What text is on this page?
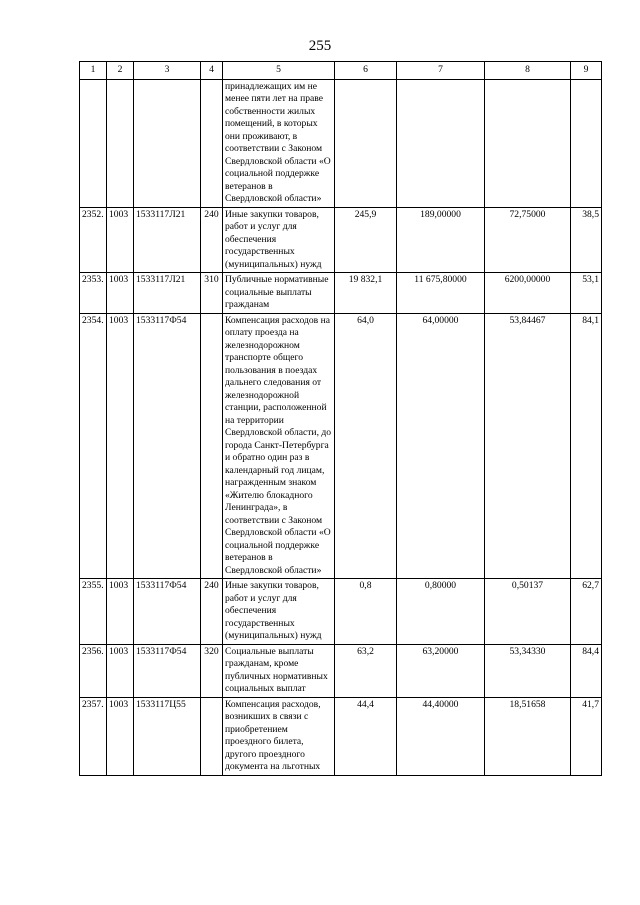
255
1	2	3	4	5	6	7	8	9
				принадлежащих им не менее пяти лет на праве собственности жилых помещений, в которых они проживают, в соответствии с Законом Свердловской области «О социальной поддержке ветеранов в Свердловской области»				
2352.	1003	1533117Л21	240	Иные закупки товаров, работ и услуг для обеспечения государственных (муниципальных) нужд	245,9	189,00000	72,75000	38,5
2353.	1003	1533117Л21	310	Публичные нормативные социальные выплаты гражданам	19 832,1	11 675,80000	6200,00000	53,1
2354.	1003	1533117Ф54		Компенсация расходов на оплату проезда на железнодорожном транспорте общего пользования в поездах дальнего следования от железнодорожной станции, расположенной на территории Свердловской области, до города Санкт-Петербурга и обратно один раз в календарный год лицам, награжденным знаком «Жителю блокадного Ленинграда», в соответствии с Законом Свердловской области «О социальной поддержке ветеранов в Свердловской области»	64,0	64,00000	53,84467	84,1
2355.	1003	1533117Ф54	240	Иные закупки товаров, работ и услуг для обеспечения государственных (муниципальных) нужд	0,8	0,80000	0,50137	62,7
2356.	1003	1533117Ф54	320	Социальные выплаты гражданам, кроме публичных нормативных социальных выплат	63,2	63,20000	53,34330	84,4
2357.	1003	1533117Ц55		Компенсация расходов, возникших в связи с приобретением проездного билета, другого проездного документа на льготных	44,4	44,40000	18,51658	41,7
